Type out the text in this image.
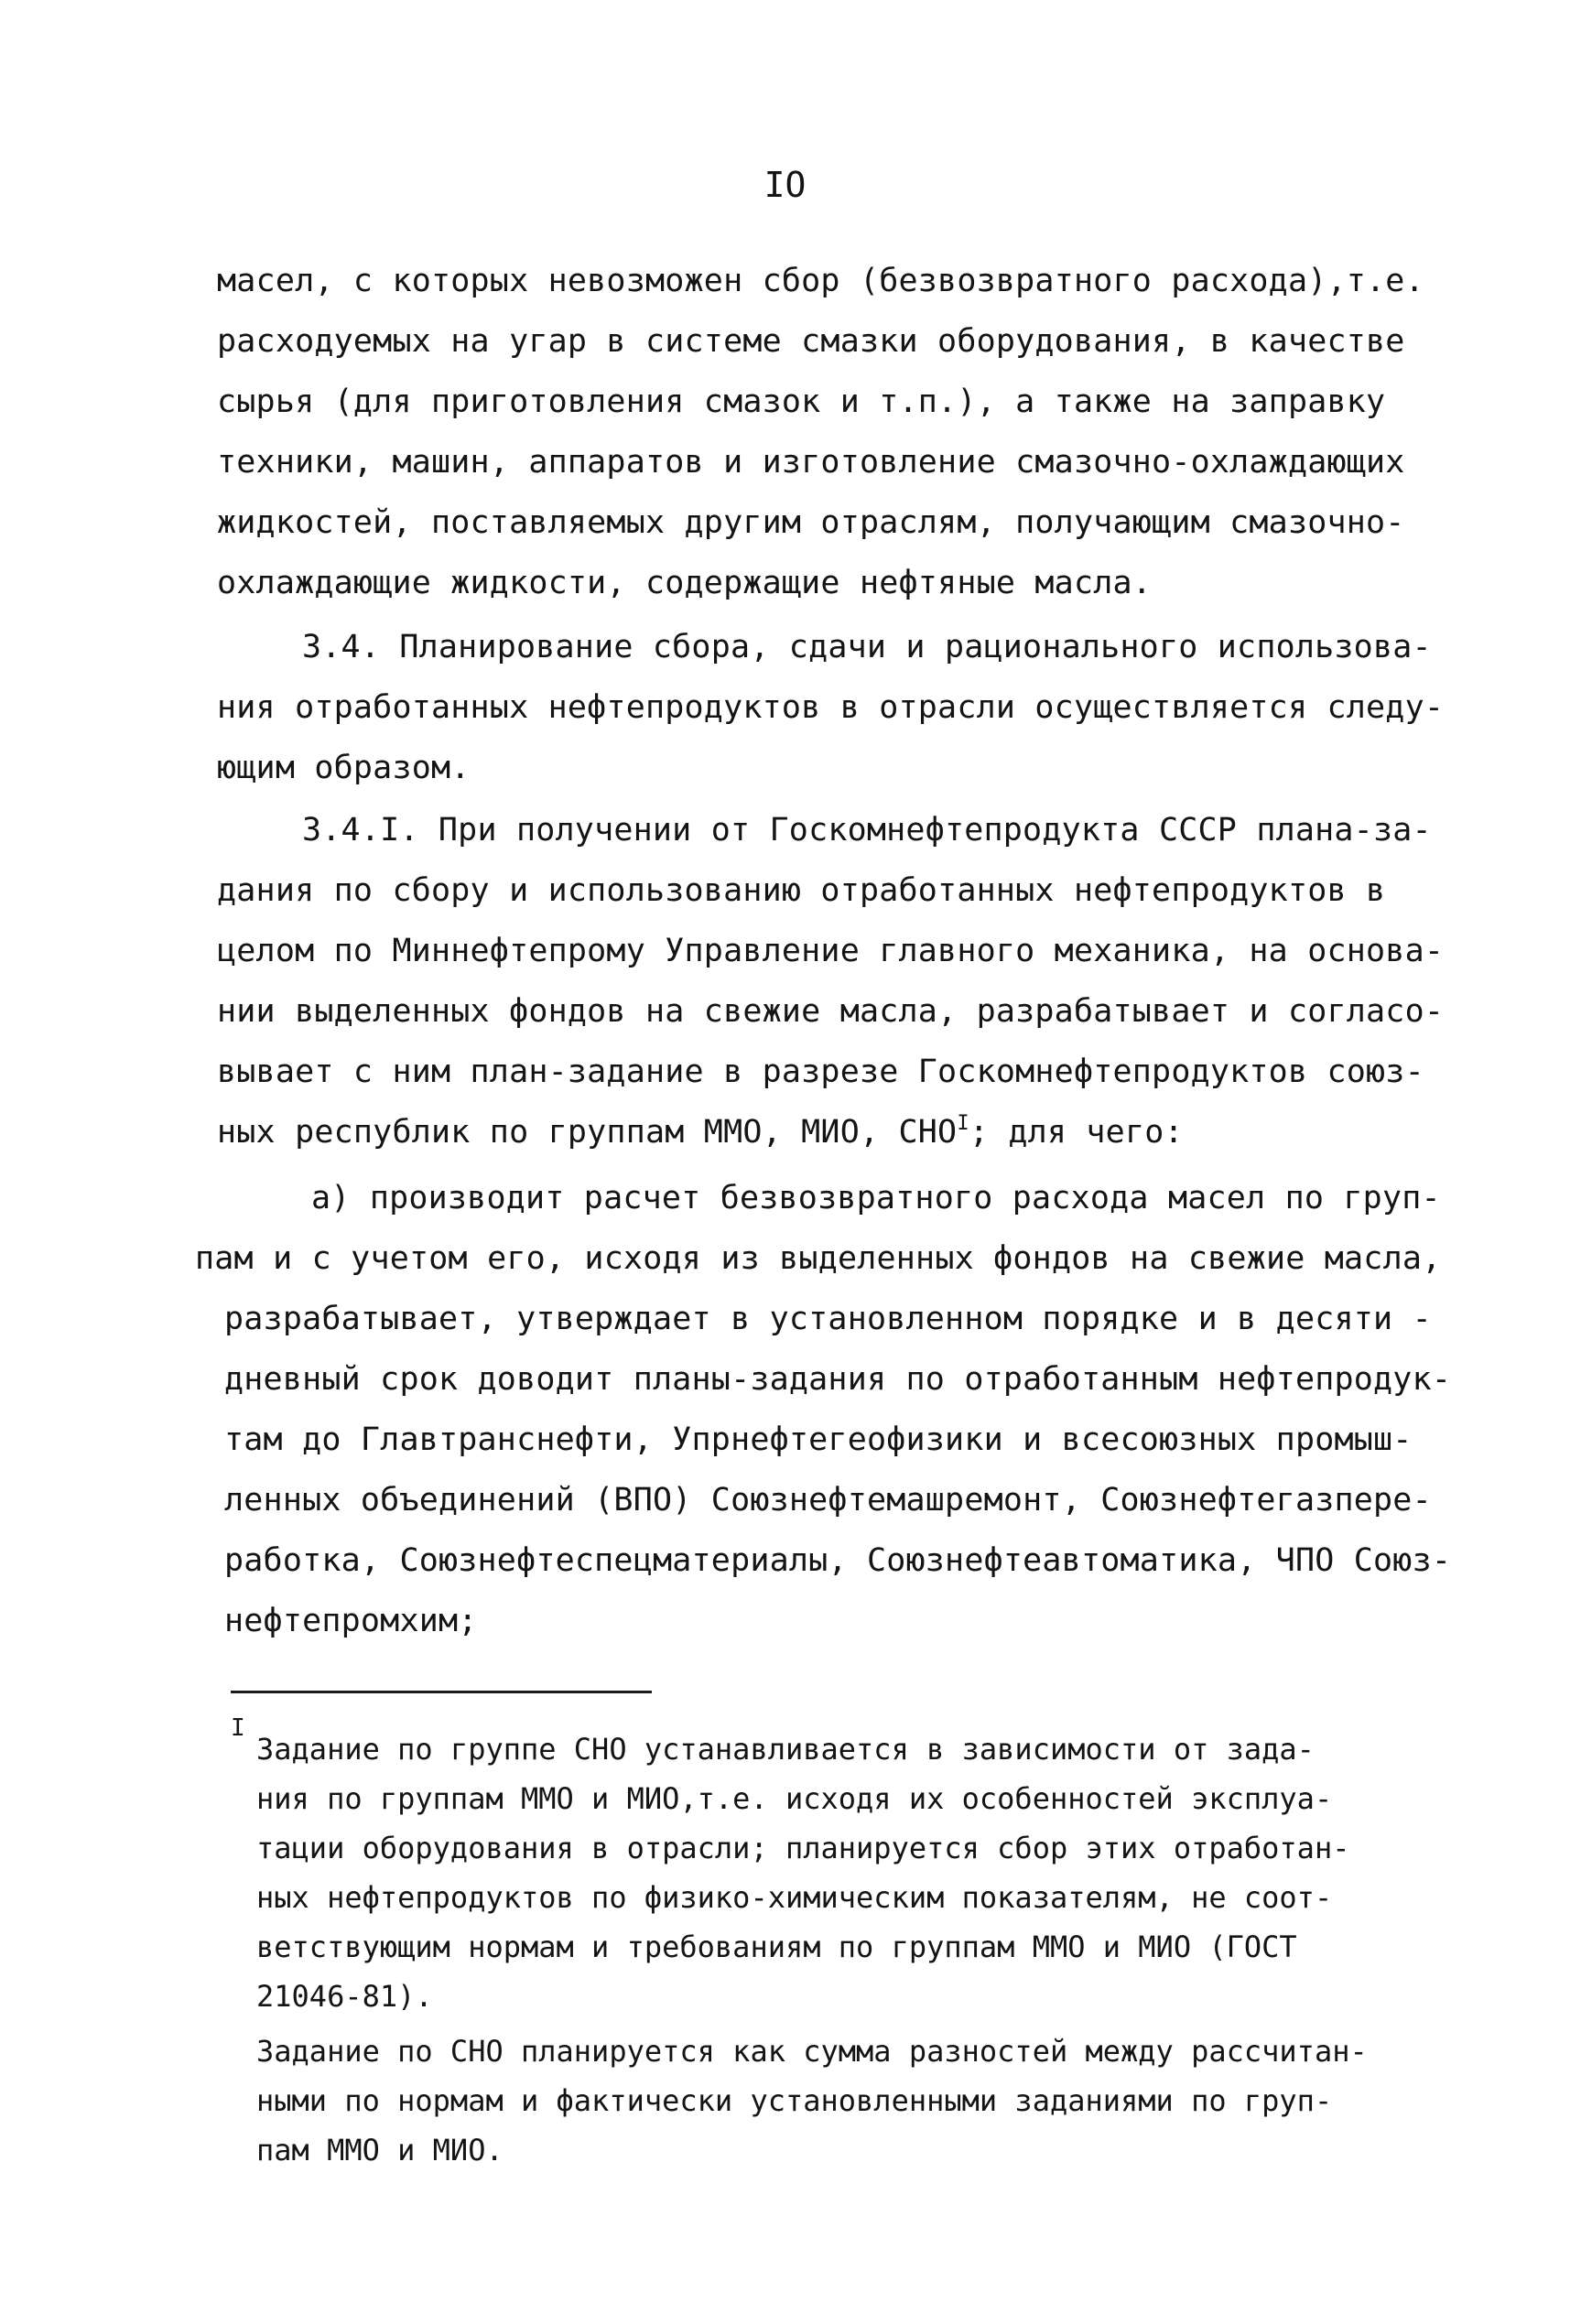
IO
масел, с которых невозможен сбор (безвозвратного расхода),т.е.
расходуемых на угар в системе смазки оборудования, в качестве
сырья (для приготовления смазок и т.п.), а также на заправку
техники, машин, аппаратов и изготовление смазочно-охлаждающих
жидкостей, поставляемых другим отраслям, получающим смазочно-
охлаждающие жидкости, содержащие нефтяные масла.
3.4. Планирование сбора, сдачи и рационального использова-
ния отработанных нефтепродуктов в отрасли осуществляется следу-
ющим образом.
3.4.I. При получении от Госкомнефтепродукта СССР плана-за-
дания по сбору и использованию отработанных нефтепродуктов в
целом по Миннефтепрому Управление главного механика, на основа-
нии выделенных фондов на свежие масла, разрабатывает и согласо-
вывает с ним план-задание в разрезе Госкомнефтепродуктов союз-
ных республик по группам ММО, МИО, $СНО^I$; для чего:
а) производит расчет безвозвратного расхода масел по груп-
пам и с учетом его, исходя из выделенных фондов на свежие масла,
разрабатывает, утверждает в установленном порядке и в десяти -
дневный срок доводит планы-задания по отработанным нефтепродук-
там до Главтранснефти, Упрнефтегеофизики и всесоюзных промыш-
ленных объединений (ВПО) Союзнефтемашремонт, Союзнефтегазпере-
работка, Союзнефтеспецматериалы, Союзнефтеавтоматика, ЧПО Союз-
нефтепромхим;
I
Задание по группе СНО устанавливается в зависимости от зада-
ния по группам ММО и МИО,т.е. исходя их особенностей эксплуа-
тации оборудования в отрасли; планируется сбор этих отработан-
ных нефтепродуктов по физико-химическим показателям, не соот-
ветствующим нормам и требованиям по группам ММО и МИО (ГОСТ
21046-81).
Задание по СНО планируется как сумма разностей между рассчитан-
ными по нормам и фактически установленными заданиями по груп-
пам ММО и МИО.
